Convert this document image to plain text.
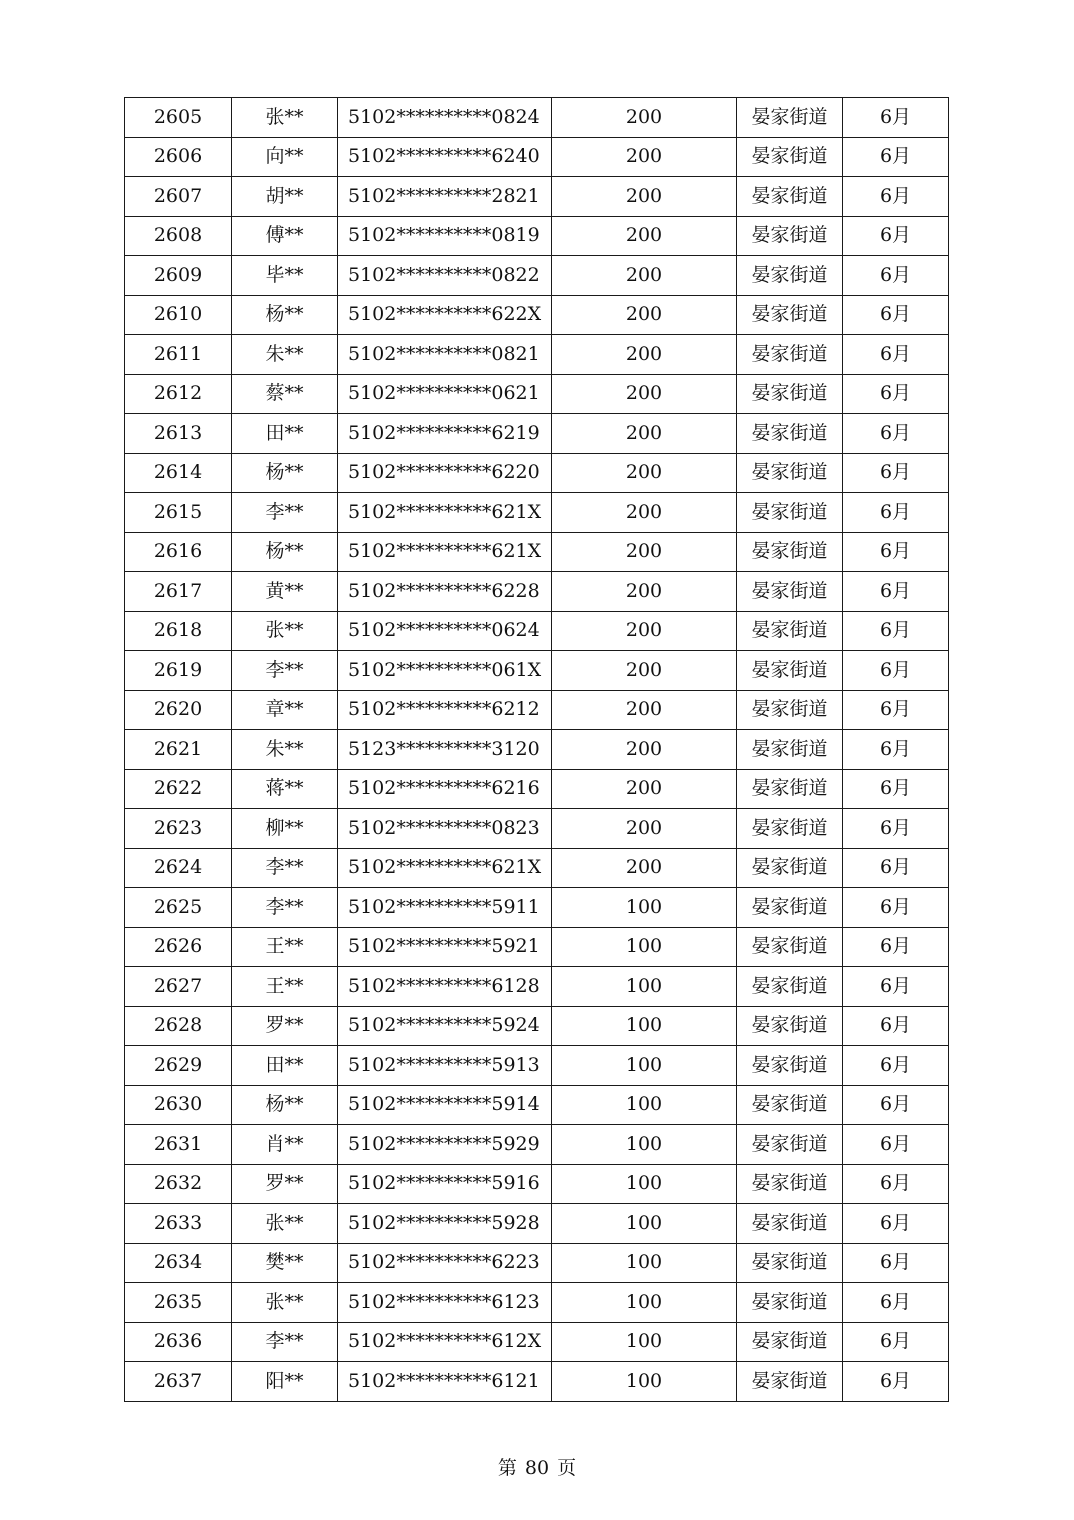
2605	张**	5102**********0824	200	晏家街道	6月
2606	向**	5102**********6240	200	晏家街道	6月
2607	胡**	5102**********2821	200	晏家街道	6月
2608	傅**	5102**********0819	200	晏家街道	6月
2609	毕**	5102**********0822	200	晏家街道	6月
2610	杨**	5102**********622X	200	晏家街道	6月
2611	朱**	5102**********0821	200	晏家街道	6月
2612	蔡**	5102**********0621	200	晏家街道	6月
2613	田**	5102**********6219	200	晏家街道	6月
2614	杨**	5102**********6220	200	晏家街道	6月
2615	李**	5102**********621X	200	晏家街道	6月
2616	杨**	5102**********621X	200	晏家街道	6月
2617	黄**	5102**********6228	200	晏家街道	6月
2618	张**	5102**********0624	200	晏家街道	6月
2619	李**	5102**********061X	200	晏家街道	6月
2620	章**	5102**********6212	200	晏家街道	6月
2621	朱**	5123**********3120	200	晏家街道	6月
2622	蒋**	5102**********6216	200	晏家街道	6月
2623	柳**	5102**********0823	200	晏家街道	6月
2624	李**	5102**********621X	200	晏家街道	6月
2625	李**	5102**********5911	100	晏家街道	6月
2626	王**	5102**********5921	100	晏家街道	6月
2627	王**	5102**********6128	100	晏家街道	6月
2628	罗**	5102**********5924	100	晏家街道	6月
2629	田**	5102**********5913	100	晏家街道	6月
2630	杨**	5102**********5914	100	晏家街道	6月
2631	肖**	5102**********5929	100	晏家街道	6月
2632	罗**	5102**********5916	100	晏家街道	6月
2633	张**	5102**********5928	100	晏家街道	6月
2634	樊**	5102**********6223	100	晏家街道	6月
2635	张**	5102**********6123	100	晏家街道	6月
2636	李**	5102**********612X	100	晏家街道	6月
2637	阳**	5102**********6121	100	晏家街道	6月
第 80 页
